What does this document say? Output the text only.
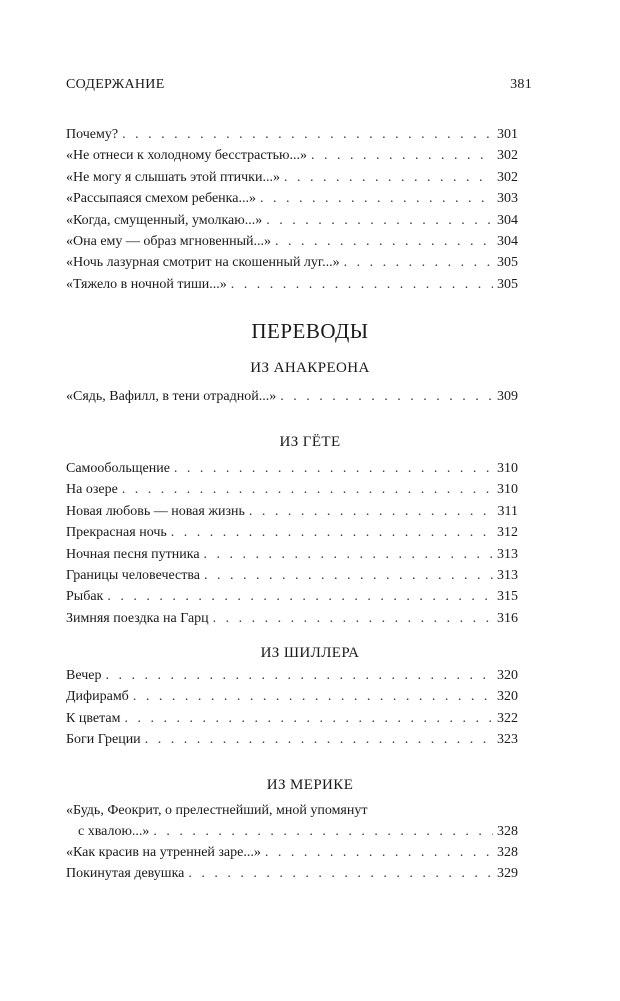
СОДЕРЖАНИЕ	381
Почему? . . .	301
«Не отнеси к холодному бесстрастью...» . . .	302
«Не могу я слышать этой птички...» . . .	302
«Рассыпаяся смехом ребенка...» . . .	303
«Когда, смущенный, умолкаю...» . . .	304
«Она ему — образ мгновенный...» . . .	304
«Ночь лазурная смотрит на скошенный луг...» . . .	305
«Тяжело в ночной тиши...» . . .	305
ПЕРЕВОДЫ
ИЗ АНАКРЕОНА
«Сядь, Вафилл, в тени отрадной...» . . .	309
ИЗ ГЁТЕ
Самообольщение . . .	310
На озере . . .	310
Новая любовь — новая жизнь . . .	311
Прекрасная ночь . . .	312
Ночная песня путника . . .	313
Границы человечества . . .	313
Рыбак . . .	315
Зимняя поездка на Гарц . . .	316
ИЗ ШИЛЛЕРА
Вечер . . .	320
Дифирамб . . .	320
К цветам . . .	322
Боги Греции . . .	323
ИЗ МЕРИКЕ
«Будь, Феокрит, о прелестнейший, мной упомянут
с хвалою...» . . .	328
«Как красив на утренней заре...» . . .	328
Покинутая девушка . . .	329
